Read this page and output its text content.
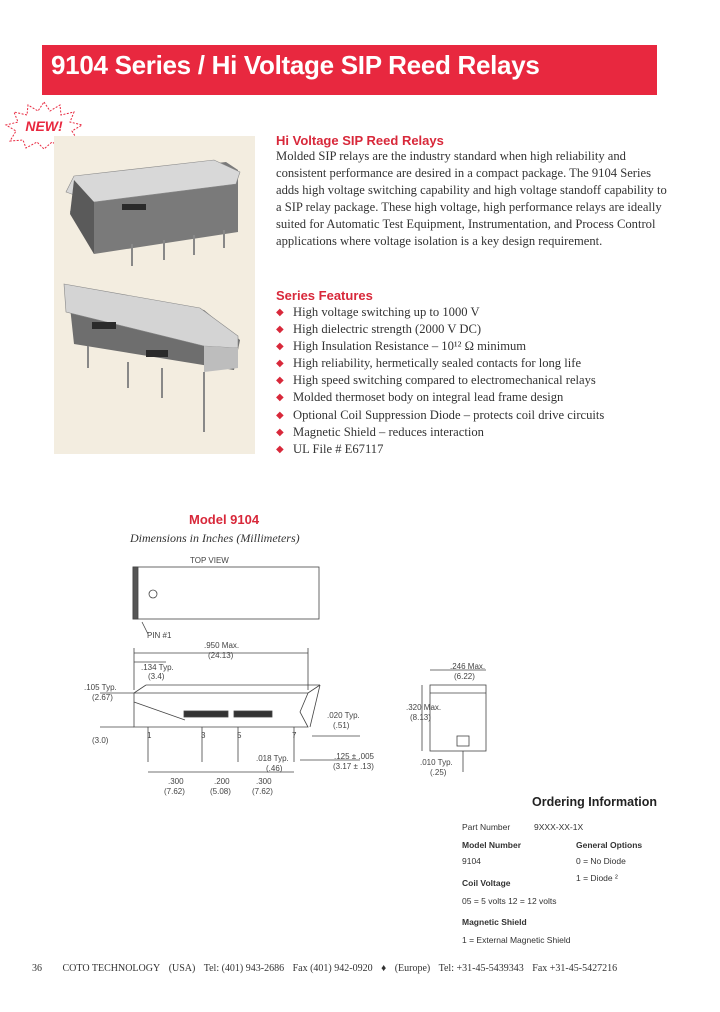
9104 Series / Hi Voltage SIP Reed Relays
NEW!
Hi Voltage SIP Reed Relays
Molded SIP relays are the industry standard when high reliability and consistent performance are desired in a compact package. The 9104 Series adds high voltage switching capability and high voltage standoff capability to a SIP relay package. These high voltage, high performance relays are ideally suited for Automatic Test Equipment, Instrumentation, and Process Control applications where voltage isolation is a key design requirement.
Series Features
◆ High voltage switching up to 1000 V
◆ High dielectric strength (2000 V DC)
◆ High Insulation Resistance – 10¹² Ω minimum
◆ High reliability, hermetically sealed contacts for long life
◆ High speed switching compared to electromechanical relays
◆ Molded thermoset body on integral lead frame design
◆ Optional Coil Suppression Diode – protects coil drive circuits
◆ Magnetic Shield – reduces interaction
◆ UL File # E67117
Model 9104
Dimensions in Inches (Millimeters)
TOP VIEW
PIN #1
.950 Max.
(24.13)
.134 Typ.
(3.4)
.105 Typ.
(2.67)
(3.0)
1	3	5	7
.020 Typ.
(.51)
.125 ± .005
(3.17 ± .13)
.018 Typ.
(.46)
.300
(7.62)
.200
(5.08)
.300
(7.62)
.246 Max.
(6.22)
.320 Max.
(8.13)
.010 Typ.
(.25)
Ordering Information
Part Number	9XXX-XX-1X
Model Number
9104
General Options
0 = No Diode
1 = Diode ²
Coil Voltage
05 = 5 volts 12 = 12 volts
Magnetic Shield
1 = External Magnetic Shield
36 COTO TECHNOLOGY (USA) Tel: (401) 943-2686 Fax (401) 942-0920 ♦ (Europe) Tel: +31-45-5439343 Fax +31-45-5427216
